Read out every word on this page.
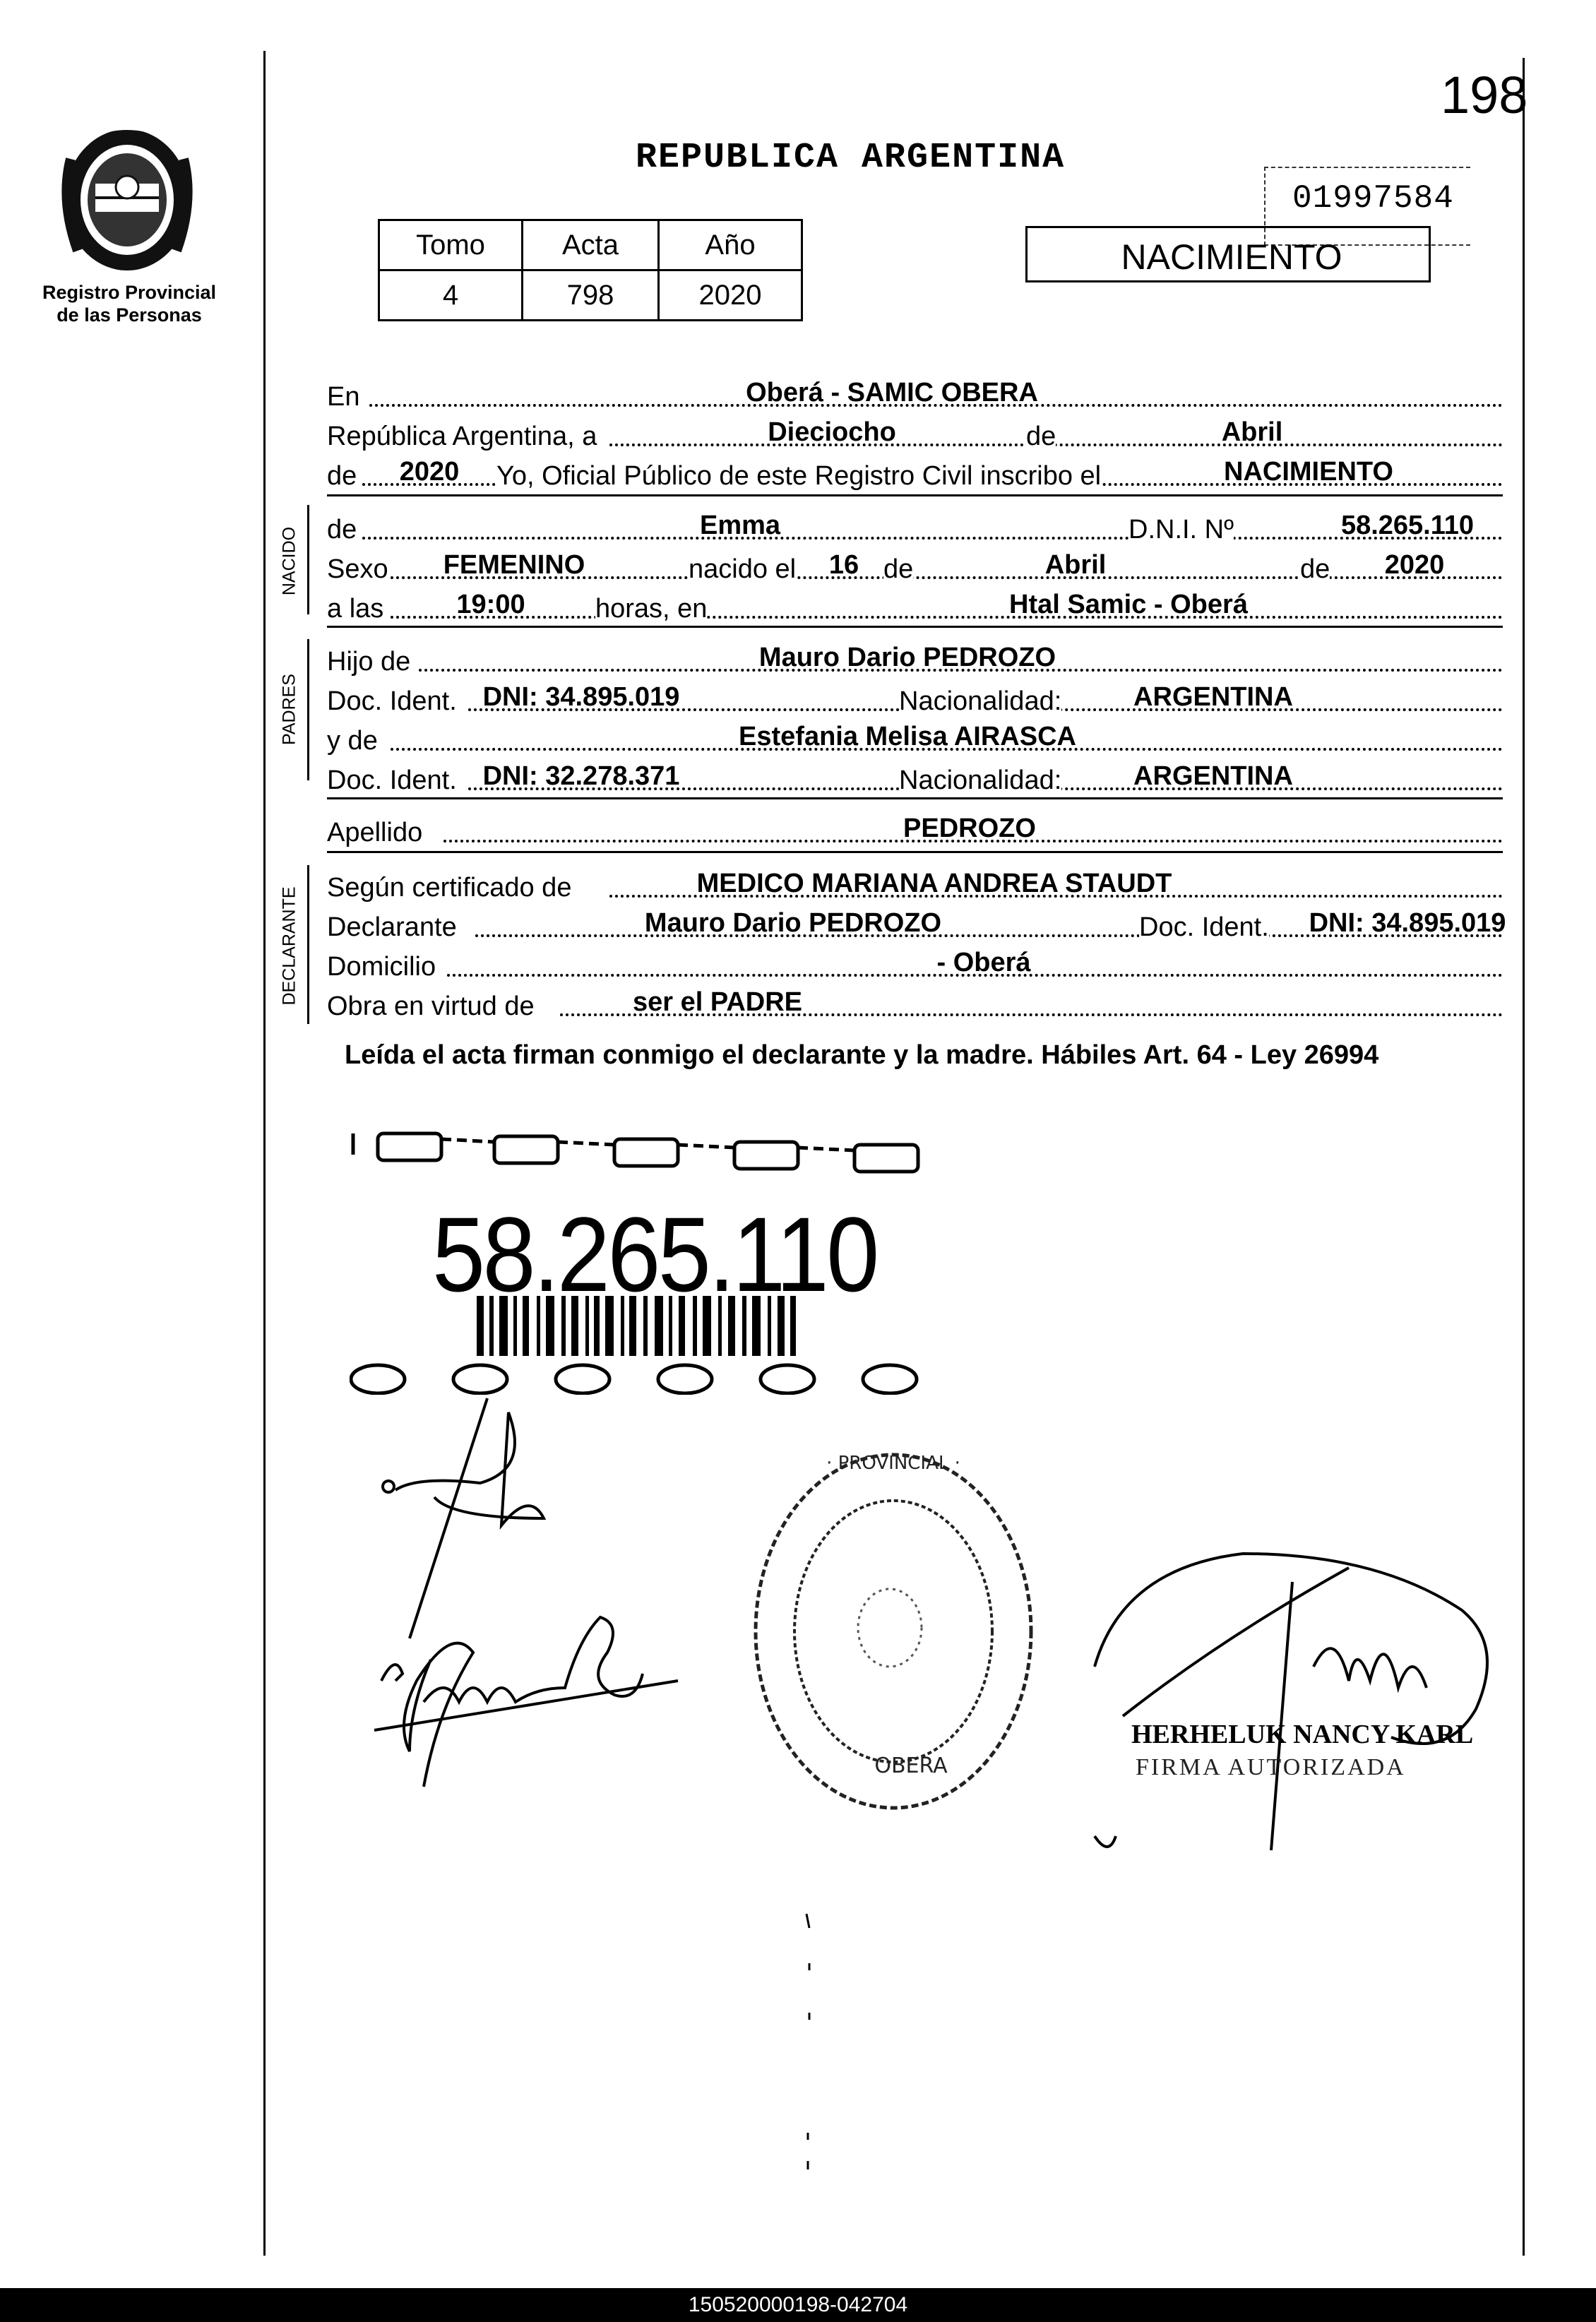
198
Registro Provincial
de las Personas
REPUBLICA ARGENTINA
Tomo	Acta	Año
4	798	2020
01997584
NACIMIENTO
En	Oberá - SAMIC OBERA
República Argentina, a	Dieciocho	de	Abril
de 2020 Yo, Oficial Público de este Registro Civil inscribo el	NACIMIENTO
NACIDO de	Emma	D.N.I. Nº	58.265.110
Sexo FEMENINO	nacido el 16 de	Abril	de 2020
a las	19:00	horas, en	Htal Samic - Oberá
PADRES
Hijo de	Mauro Dario PEDROZO
Doc. Ident. DNI: 34.895.019	Nacionalidad:	ARGENTINA
y de	Estefania Melisa AIRASCA
Doc. Ident. DNI: 32.278.371	Nacionalidad:	ARGENTINA
Apellido	PEDROZO
DECLARANTE Según certificado de	MEDICO MARIANA ANDREA STAUDT
Declarante	Mauro Dario PEDROZO	Doc. Ident. DNI: 34.895.019
Domicilio	- Oberá
Obra en virtud de	ser el PADRE
Leída el acta firman conmigo el declarante y la madre. Hábiles Art. 64 - Ley 26994
58.265.110
· PROVINCIAL ·
OBERA
HERHELUK NANCY KARL
FIRMA AUTORIZADA
150520000198-042704
